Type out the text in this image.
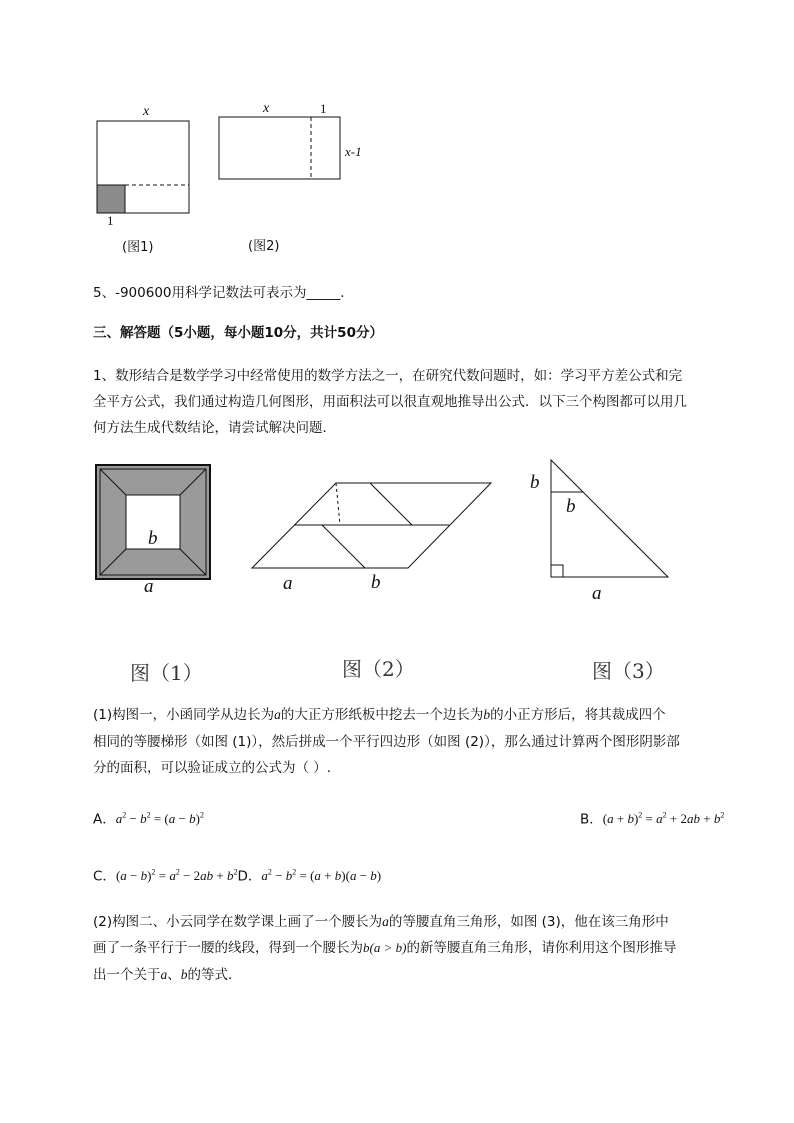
x
1
(图1)
x	1
x-1
(图2)
5、-900600用科学记数法可表示为_____.
三、解答题（5小题，每小题10分，共计50分）
1、数形结合是数学学习中经常使用的数学方法之一，在研究代数问题时，如：学习平方差公式和完
全平方公式，我们通过构造几何图形，用面积法可以很直观地推导出公式．以下三个构图都可以用几
何方法生成代数结论，请尝试解决问题．
b
a	a	b
b
b
a
图（1）	图（2）	图（3）
(1)构图一，小函同学从边长为a的大正方形纸板中挖去一个边长为b的小正方形后，将其裁成四个
相同的等腰梯形（如图 (1)），然后拼成一个平行四边形（如图 (2)），那么通过计算两个图形阴影部
分的面积，可以验证成立的公式为（ ）.
A．$a^2 - b^2 = (a - b)^2$	B．$(a + b)^2 = a^2 + 2ab + b^2$
C．$(a - b)^2 = a^2 - 2ab + b^2D$．$a^2 - b^2 = (a + b)(a - b)$
(2)构图二、小云同学在数学课上画了一个腰长为a的等腰直角三角形，如图 (3)，他在该三角形中
画了一条平行于一腰的线段，得到一个腰长为b(a > b)的新等腰直角三角形，请你利用这个图形推导
出一个关于a、b的等式．
